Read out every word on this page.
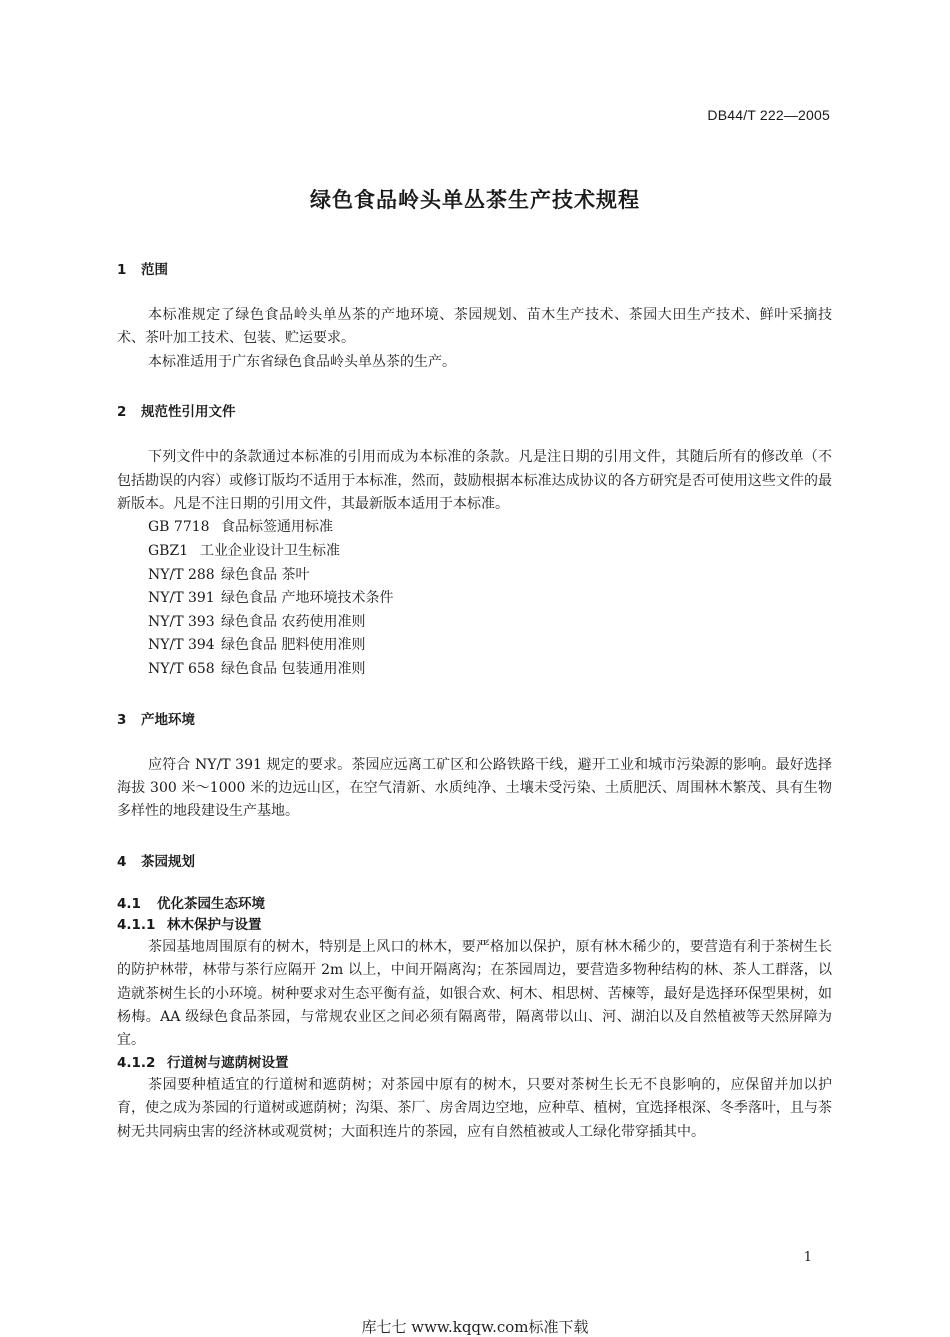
DB44/T 222—2005
绿色食品岭头单丛茶生产技术规程
1 范围

本标准规定了绿色食品岭头单丛茶的产地环境、茶园规划、苗木生产技术、茶园大田生产技术、鲜叶采摘技术、茶叶加工技术、包装、贮运要求。

本标准适用于广东省绿色食品岭头单丛茶的生产。

2 规范性引用文件

下列文件中的条款通过本标准的引用而成为本标准的条款。凡是注日期的引用文件，其随后所有的修改单（不包括勘误的内容）或修订版均不适用于本标准，然而，鼓励根据本标准达成协议的各方研究是否可使用这些文件的最新版本。凡是不注日期的引用文件，其最新版本适用于本标准。

GB 7718 食品标签通用标准

GBZ1 工业企业设计卫生标准

NY/T 288 绿色食品 茶叶

NY/T 391 绿色食品 产地环境技术条件

NY/T 393 绿色食品 农药使用准则

NY/T 394 绿色食品 肥料使用准则

NY/T 658 绿色食品 包装通用准则

3 产地环境

应符合 NY/T 391 规定的要求。茶园应远离工矿区和公路铁路干线，避开工业和城市污染源的影响。最好选择海拔 300 米～1000 米的边远山区，在空气清新、水质纯净、土壤未受污染、土质肥沃、周围林木繁茂、具有生物多样性的地段建设生产基地。

4 茶园规划
4.1 优化茶园生态环境
4.1.1 林木保护与设置

茶园基地周围原有的树木，特别是上风口的林木，要严格加以保护，原有林木稀少的，要营造有利于茶树生长的防护林带，林带与茶行应隔开 2m 以上，中间开隔离沟；在茶园周边，要营造多物种结构的林、茶人工群落，以造就茶树生长的小环境。树种要求对生态平衡有益，如银合欢、柯木、相思树、苦楝等，最好是选择环保型果树，如杨梅。AA 级绿色食品茶园，与常规农业区之间必须有隔离带，隔离带以山、河、湖泊以及自然植被等天然屏障为宜。

4.1.2 行道树与遮荫树设置

茶园要种植适宜的行道树和遮荫树；对茶园中原有的树木，只要对茶树生长无不良影响的，应保留并加以护育，使之成为茶园的行道树或遮荫树；沟渠、茶厂、房舍周边空地，应种草、植树，宜选择根深、冬季落叶，且与茶树无共同病虫害的经济林或观赏树；大面积连片的茶园，应有自然植被或人工绿化带穿插其中。

1
库七七 www.kqqw.com标准下载
